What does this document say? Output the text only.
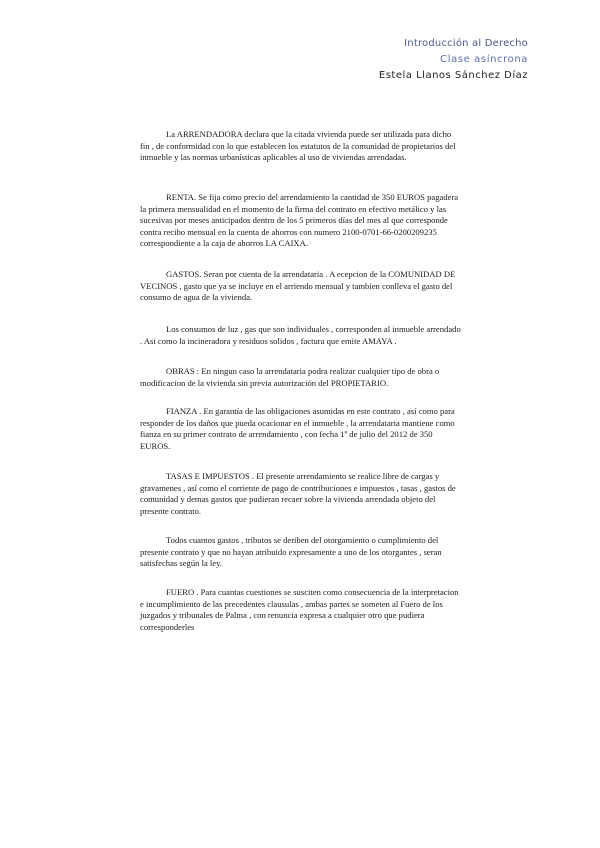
Introducción al Derecho
Clase asíncrona
Estela Llanos Sánchez Díaz

La ARRENDADORA declara que la citada vivienda puede ser utilizada para dicho fin , de conformidad con lo que establecen los estatutos de la comunidad de propietarios del inmueble y las normas urbanísticas aplicables al uso de viviendas arrendadas.

RENTA. Se fija como precio del arrendamiento la cantidad de 350 EUROS pagadera la primera mensualidad en el momento de la firma del contrato en efectivo metálico y las sucesivas por meses anticipados dentro de los 5 primeros días del mes al que corresponde contra recibo mensual en la cuenta de ahorros con numero 2100-0701-66-0200209235 correspondiente a la caja de ahorros LA CAIXA.

GASTOS. Seran por cuenta de la arrendataria . A ecepcion de la COMUNIDAD DE VECINOS , gasto que ya se incluye en el arriendo mensual y tambien conlleva el gasto del consumo de agua de la vivienda.

Los consumos de luz , gas que son individuales , corresponden al inmueble arrendado . Asi como la incineradora y residuos solidos , factura que emite AMAYA .

OBRAS : En ningun caso la arrendataria podra realizar cualquier tipo de obra o modificacion de la vivienda sin previa autorización del PROPIETARIO.

FIANZA . En garantía de las obligaciones asumidas en este contrato , así como para responder de los daños que pueda ocacionar en el inmueble , la arrendataria mantiene como fianza en su primer contrato de arrendamiento , con fecha 1º de julio del 2012 de 350 EUROS.

TASAS E IMPUESTOS . El presente arrendamiento se realice libre de cargas y gravamenes , así como el corriente de pago de contribuciones e impuestos , tasas , gastos de comunidad y demas gastos que pudieran recaer sobre la vivienda arrendada objeto del presente contrato.

Todos cuantos gastos , tributos se deriben del otorgamiento o cumplimiento del presente contrato y que no hayan atribuido expresamente a uno de los otorgantes , seran satisfechas según la ley.

FUERO . Para cuantas cuestiones se susciten como consecuencia de la interpretacion e incumplimiento de las precedentes clausulas , ambas partes se someten al Fuero de los juzgados y tribunales de Palma , con renuncia expresa a cualquier otro que pudiera corresponderles
